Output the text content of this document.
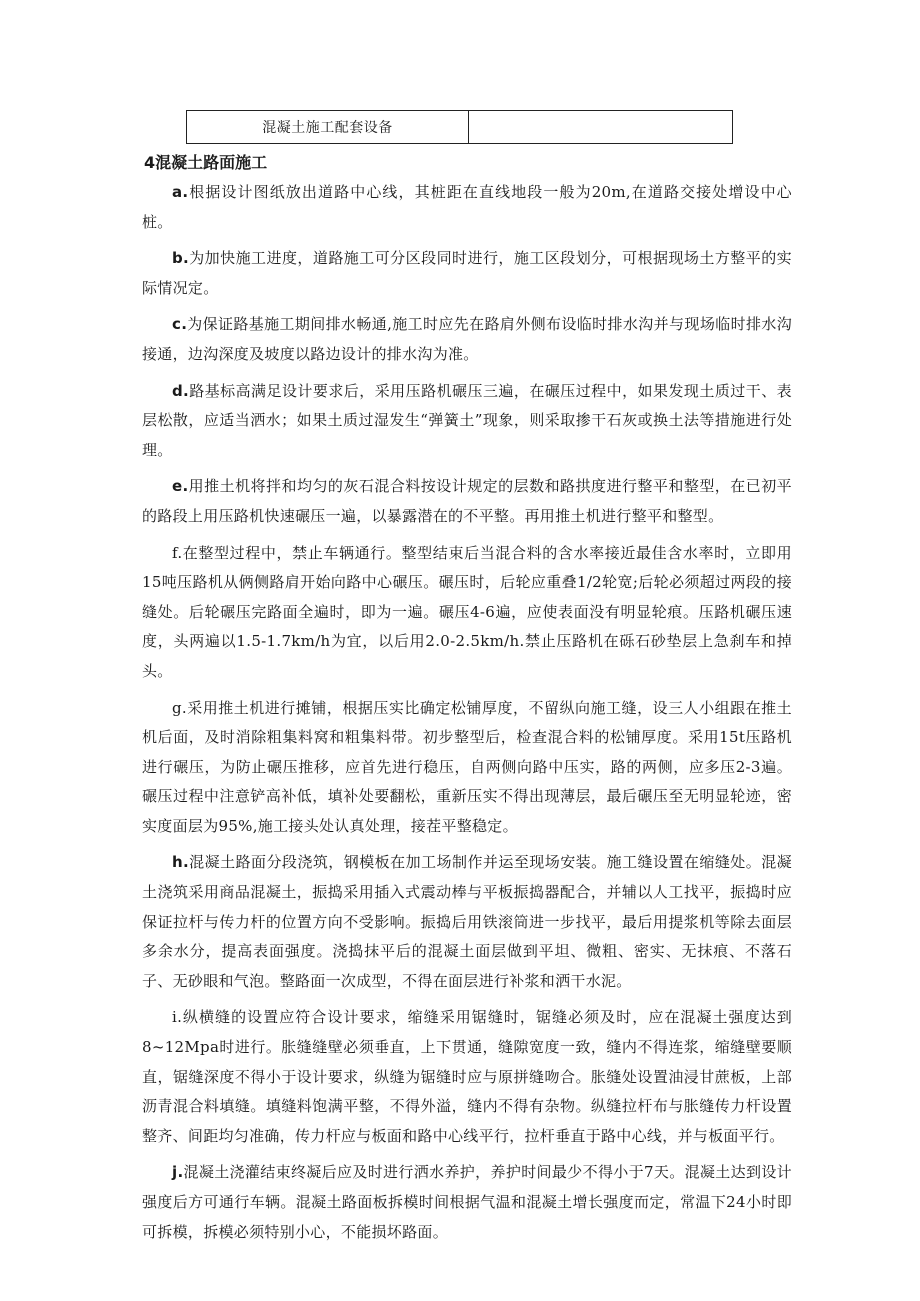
混凝土施工配套设备
4混凝土路面施工

a.根据设计图纸放出道路中心线，其桩距在直线地段一般为20m,在道路交接处增设中心桩。

b.为加快施工进度，道路施工可分区段同时进行，施工区段划分，可根据现场土方整平的实际情况定。

c.为保证路基施工期间排水畅通,施工时应先在路肩外侧布设临时排水沟并与现场临时排水沟接通，边沟深度及坡度以路边设计的排水沟为准。

d.路基标高满足设计要求后，采用压路机碾压三遍，在碾压过程中，如果发现土质过干、表层松散，应适当洒水；如果土质过湿发生“弹簧土”现象，则采取掺干石灰或换土法等措施进行处理。

e.用推土机将拌和均匀的灰石混合料按设计规定的层数和路拱度进行整平和整型，在已初平的路段上用压路机快速碾压一遍，以暴露潜在的不平整。再用推土机进行整平和整型。

f.在整型过程中，禁止车辆通行。整型结束后当混合料的含水率接近最佳含水率时，立即用15吨压路机从俩侧路肩开始向路中心碾压。碾压时，后轮应重叠1/2轮宽;后轮必须超过两段的接缝处。后轮碾压完路面全遍时，即为一遍。碾压4-6遍，应使表面没有明显轮痕。压路机碾压速度，头两遍以1.5-1.7km/h为宜，以后用2.0-2.5km/h.禁止压路机在砾石砂垫层上急刹车和掉头。

g.采用推土机进行摊铺，根据压实比确定松铺厚度，不留纵向施工缝，设三人小组跟在推土机后面，及时消除粗集料窝和粗集料带。初步整型后，检查混合料的松铺厚度。采用15t压路机进行碾压，为防止碾压推移，应首先进行稳压，自两侧向路中压实，路的两侧，应多压2-3遍。碾压过程中注意铲高补低，填补处要翻松，重新压实不得出现薄层，最后碾压至无明显轮迹，密实度面层为95%,施工接头处认真处理，接茬平整稳定。

h.混凝土路面分段浇筑，钢模板在加工场制作并运至现场安装。施工缝设置在缩缝处。混凝土浇筑采用商品混凝土，振捣采用插入式震动棒与平板振捣器配合，并辅以人工找平，振捣时应保证拉杆与传力杆的位置方向不受影响。振捣后用铁滚筒进一步找平，最后用提浆机等除去面层多余水分，提高表面强度。浇捣抹平后的混凝土面层做到平坦、微粗、密实、无抹痕、不落石子、无砂眼和气泡。整路面一次成型，不得在面层进行补浆和洒干水泥。

i.纵横缝的设置应符合设计要求，缩缝采用锯缝时，锯缝必须及时，应在混凝土强度达到8~12Mpa时进行。胀缝缝壁必须垂直，上下贯通，缝隙宽度一致，缝内不得连浆，缩缝壁要顺直，锯缝深度不得小于设计要求，纵缝为锯缝时应与原拼缝吻合。胀缝处设置油浸甘蔗板，上部沥青混合料填缝。填缝料饱满平整，不得外溢，缝内不得有杂物。纵缝拉杆布与胀缝传力杆设置整齐、间距均匀准确，传力杆应与板面和路中心线平行，拉杆垂直于路中心线，并与板面平行。

j.混凝土浇灌结束终凝后应及时进行洒水养护，养护时间最少不得小于7天。混凝土达到设计强度后方可通行车辆。混凝土路面板拆模时间根据气温和混凝土增长强度而定，常温下24小时即可拆模，拆模必须特别小心，不能损坏路面。
